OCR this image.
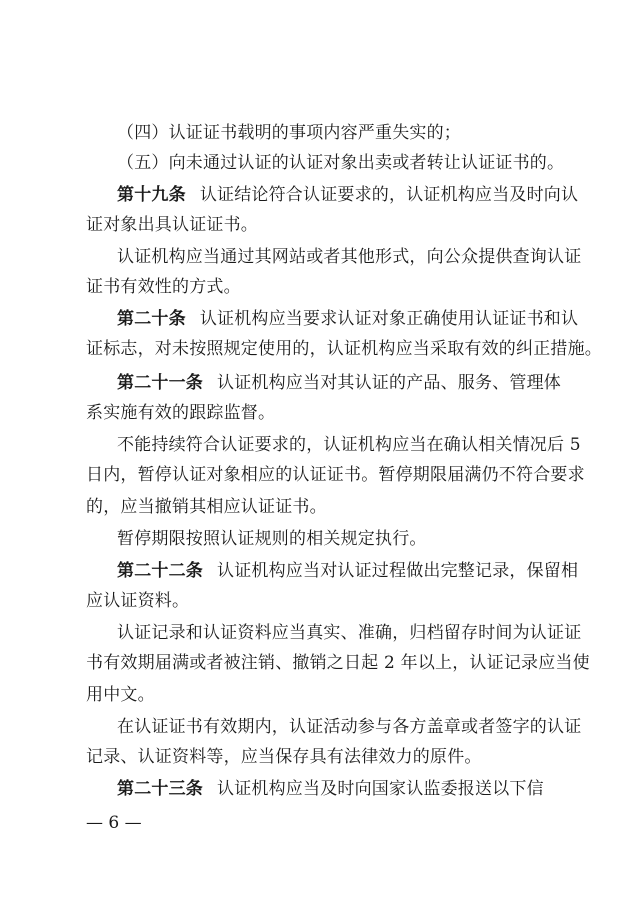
（四）认证证书载明的事项内容严重失实的；
（五）向未通过认证的认证对象出卖或者转让认证证书的。
第十九条 认证结论符合认证要求的，认证机构应当及时向认
证对象出具认证证书。
认证机构应当通过其网站或者其他形式，向公众提供查询认证
证书有效性的方式。
第二十条 认证机构应当要求认证对象正确使用认证证书和认
证标志，对未按照规定使用的，认证机构应当采取有效的纠正措施。
第二十一条 认证机构应当对其认证的产品、服务、管理体
系实施有效的跟踪监督。
不能持续符合认证要求的，认证机构应当在确认相关情况后 5
日内，暂停认证对象相应的认证证书。暂停期限届满仍不符合要求
的，应当撤销其相应认证证书。
暂停期限按照认证规则的相关规定执行。
第二十二条 认证机构应当对认证过程做出完整记录，保留相
应认证资料。
认证记录和认证资料应当真实、准确，归档留存时间为认证证
书有效期届满或者被注销、撤销之日起 2 年以上，认证记录应当使
用中文。
在认证证书有效期内，认证活动参与各方盖章或者签字的认证
记录、认证资料等，应当保存具有法律效力的原件。
第二十三条 认证机构应当及时向国家认监委报送以下信
— 6 —
